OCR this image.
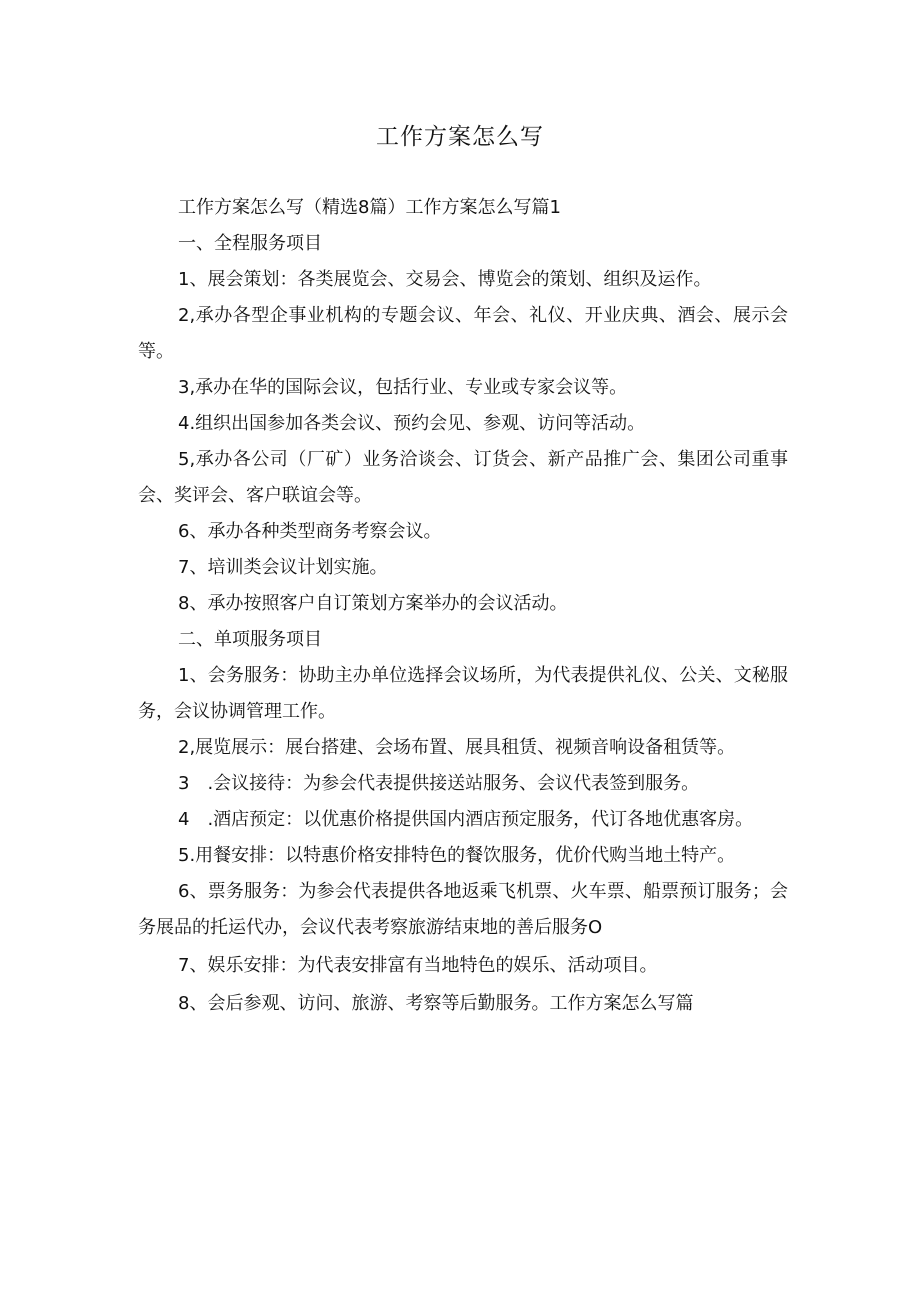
工作方案怎么写

工作方案怎么写（精选8篇）工作方案怎么写篇1

一、全程服务项目

1、展会策划：各类展览会、交易会、博览会的策划、组织及运作。

2,承办各型企事业机构的专题会议、年会、礼仪、开业庆典、酒会、展示会等。

3,承办在华的国际会议，包括行业、专业或专家会议等。

4.组织出国参加各类会议、预约会见、参观、访问等活动。

5,承办各公司（厂矿）业务洽谈会、订货会、新产品推广会、集团公司重事会、奖评会、客户联谊会等。

6、承办各种类型商务考察会议。

7、培训类会议计划实施。

8、承办按照客户自订策划方案举办的会议活动。

二、单项服务项目

1、会务服务：协助主办单位选择会议场所，为代表提供礼仪、公关、文秘服务，会议协调管理工作。

2,展览展示：展台搭建、会场布置、展具租赁、视频音响设备租赁等。

3　.会议接待：为参会代表提供接送站服务、会议代表签到服务。

4　.酒店预定：以优惠价格提供国内酒店预定服务，代订各地优惠客房。

5.用餐安排：以特惠价格安排特色的餐饮服务，优价代购当地土特产。

6、票务服务：为参会代表提供各地返乘飞机票、火车票、船票预订服务；会务展品的托运代办，会议代表考察旅游结束地的善后服务O

7、娱乐安排：为代表安排富有当地特色的娱乐、活动项目。

8、会后参观、访问、旅游、考察等后勤服务。工作方案怎么写篇
